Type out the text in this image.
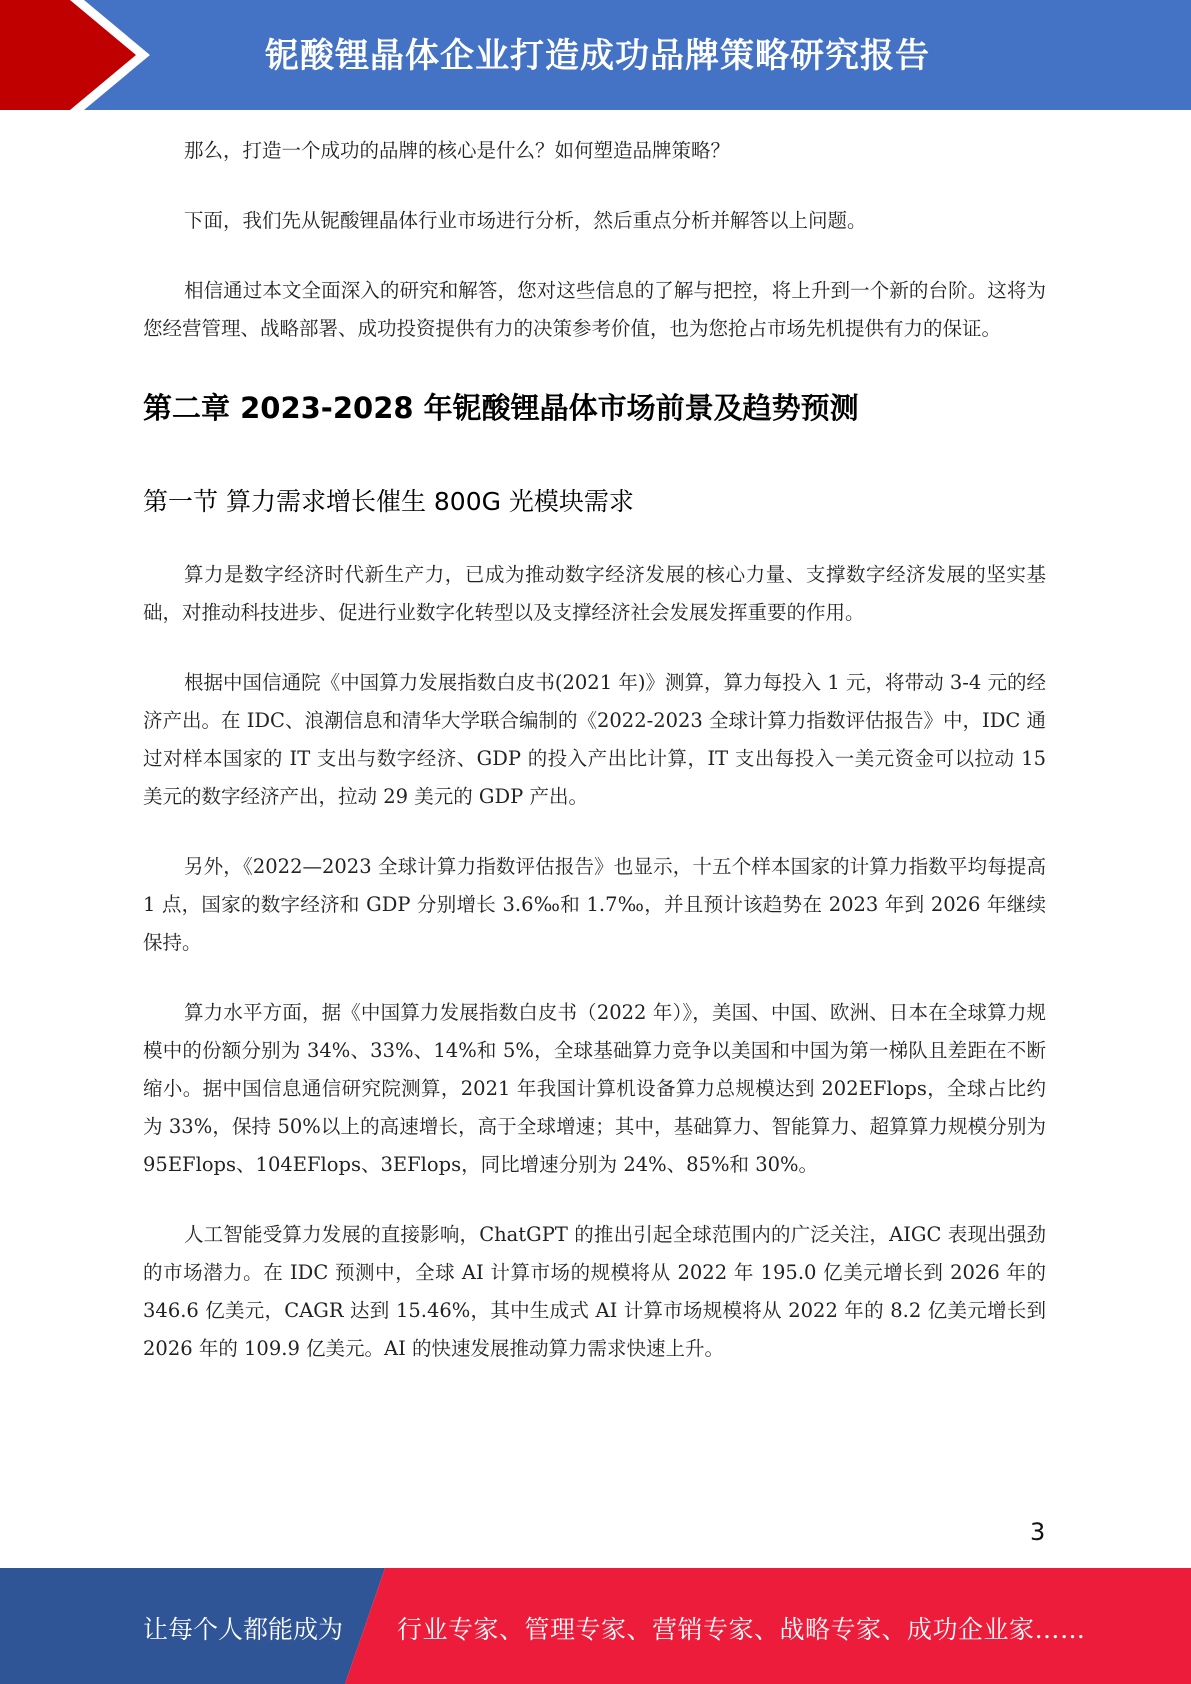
铌酸锂晶体企业打造成功品牌策略研究报告

那么，打造一个成功的品牌的核心是什么？如何塑造品牌策略？

下面，我们先从铌酸锂晶体行业市场进行分析，然后重点分析并解答以上问题。

相信通过本文全面深入的研究和解答，您对这些信息的了解与把控，将上升到一个新的台阶。这将为您经营管理、战略部署、成功投资提供有力的决策参考价值，也为您抢占市场先机提供有力的保证。

第二章 2023-2028 年铌酸锂晶体市场前景及趋势预测
第一节 算力需求增长催生 800G 光模块需求

算力是数字经济时代新生产力，已成为推动数字经济发展的核心力量、支撑数字经济发展的坚实基础，对推动科技进步、促进行业数字化转型以及支撑经济社会发展发挥重要的作用。

根据中国信通院《中国算力发展指数白皮书(2021 年)》测算，算力每投入 1 元，将带动 3-4 元的经济产出。在 IDC、浪潮信息和清华大学联合编制的《2022-2023 全球计算力指数评估报告》中，IDC 通过对样本国家的 IT 支出与数字经济、GDP 的投入产出比计算，IT 支出每投入一美元资金可以拉动 15 美元的数字经济产出，拉动 29 美元的 GDP 产出。

另外，《2022—2023 全球计算力指数评估报告》也显示，十五个样本国家的计算力指数平均每提高 1 点，国家的数字经济和 GDP 分别增长 3.6‰和 1.7‰，并且预计该趋势在 2023 年到 2026 年继续保持。

算力水平方面，据《中国算力发展指数白皮书（2022 年）》，美国、中国、欧洲、日本在全球算力规模中的份额分别为 34%、33%、14%和 5%，全球基础算力竞争以美国和中国为第一梯队且差距在不断缩小。据中国信息通信研究院测算，2021 年我国计算机设备算力总规模达到 202EFlops，全球占比约为 33%，保持 50%以上的高速增长，高于全球增速；其中，基础算力、智能算力、超算算力规模分别为 95EFlops、104EFlops、3EFlops，同比增速分别为 24%、85%和 30%。

人工智能受算力发展的直接影响，ChatGPT 的推出引起全球范围内的广泛关注，AIGC 表现出强劲的市场潜力。在 IDC 预测中，全球 AI 计算市场的规模将从 2022 年 195.0 亿美元增长到 2026 年的 346.6 亿美元，CAGR 达到 15.46%，其中生成式 AI 计算市场规模将从 2022 年的 8.2 亿美元增长到 2026 年的 109.9 亿美元。AI 的快速发展推动算力需求快速上升。

3
让每个人都能成为 行业专家、管理专家、营销专家、战略专家、成功企业家……
